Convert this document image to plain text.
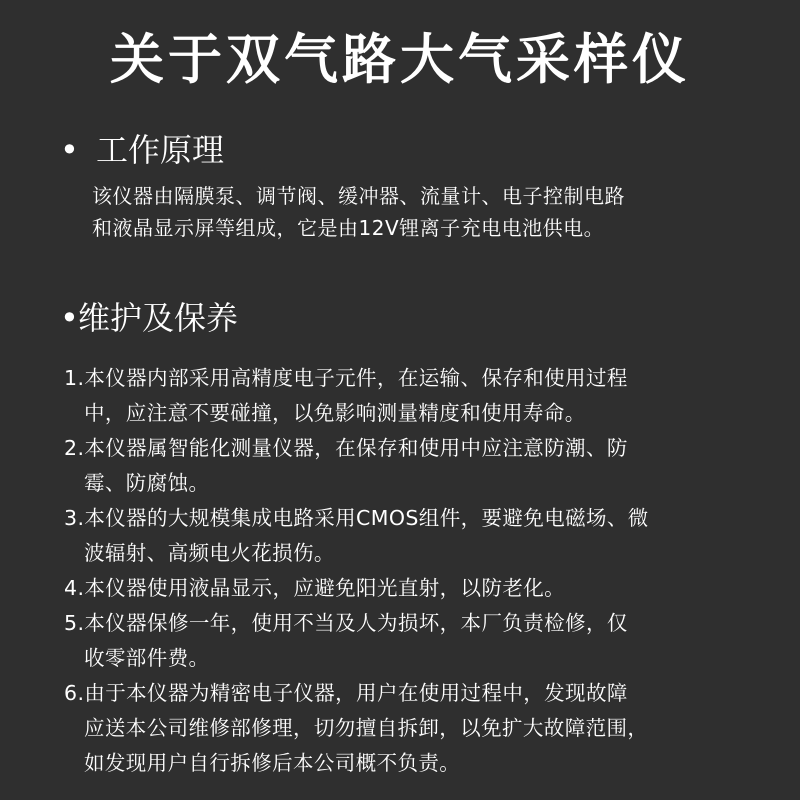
关于双气路大气采样仪
• 工作原理
该仪器由隔膜泵、调节阀、缓冲器、流量计、电子控制电路
和液晶显示屏等组成，它是由12V锂离子充电电池供电。
•维护及保养
1.本仪器内部采用高精度电子元件，在运输、保存和使用过程
中，应注意不要碰撞，以免影响测量精度和使用寿命。
2.本仪器属智能化测量仪器，在保存和使用中应注意防潮、防
霉、防腐蚀。
3.本仪器的大规模集成电路采用CMOS组件，要避免电磁场、微
波辐射、高频电火花损伤。
4.本仪器使用液晶显示，应避免阳光直射，以防老化。
5.本仪器保修一年，使用不当及人为损坏，本厂负责检修，仅
收零部件费。
6.由于本仪器为精密电子仪器，用户在使用过程中，发现故障
应送本公司维修部修理，切勿擅自拆卸，以免扩大故障范围，
如发现用户自行拆修后本公司概不负责。
